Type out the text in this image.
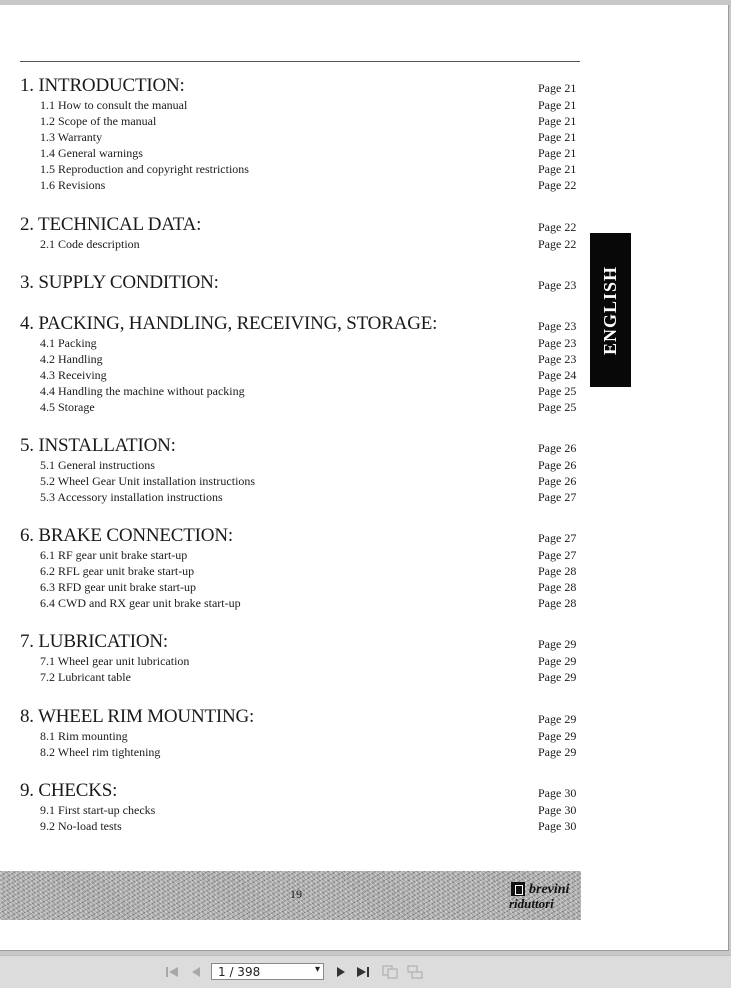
1. INTRODUCTION:	Page 21
1.1 How to consult the manual	Page 21
1.2 Scope of the manual	Page 21
1.3 Warranty	Page 21
1.4 General warnings	Page 21
1.5 Reproduction and copyright restrictions	Page 21
1.6 Revisions	Page 22
2. TECHNICAL DATA:	Page 22
2.1 Code description	Page 22
3. SUPPLY CONDITION:	Page 23
4. PACKING, HANDLING, RECEIVING, STORAGE:	Page 23
4.1 Packing	Page 23
4.2 Handling	Page 23
4.3 Receiving	Page 24
4.4 Handling the machine without packing	Page 25
4.5 Storage	Page 25
5. INSTALLATION:	Page 26
5.1 General instructions	Page 26
5.2 Wheel Gear Unit installation instructions	Page 26
5.3 Accessory installation instructions	Page 27
6. BRAKE CONNECTION:	Page 27
6.1 RF gear unit brake start-up	Page 27
6.2 RFL gear unit brake start-up	Page 28
6.3 RFD gear unit brake start-up	Page 28
6.4 CWD and RX gear unit brake start-up	Page 28
7. LUBRICATION:	Page 29
7.1 Wheel gear unit lubrication	Page 29
7.2 Lubricant table	Page 29
8. WHEEL RIM MOUNTING:	Page 29
8.1 Rim mounting	Page 29
8.2 Wheel rim tightening	Page 29
9. CHECKS:	Page 30
9.1 First start-up checks	Page 30
9.2 No-load tests	Page 30
ENGLISH
19	brevini
riduttori
1 / 398	▾
